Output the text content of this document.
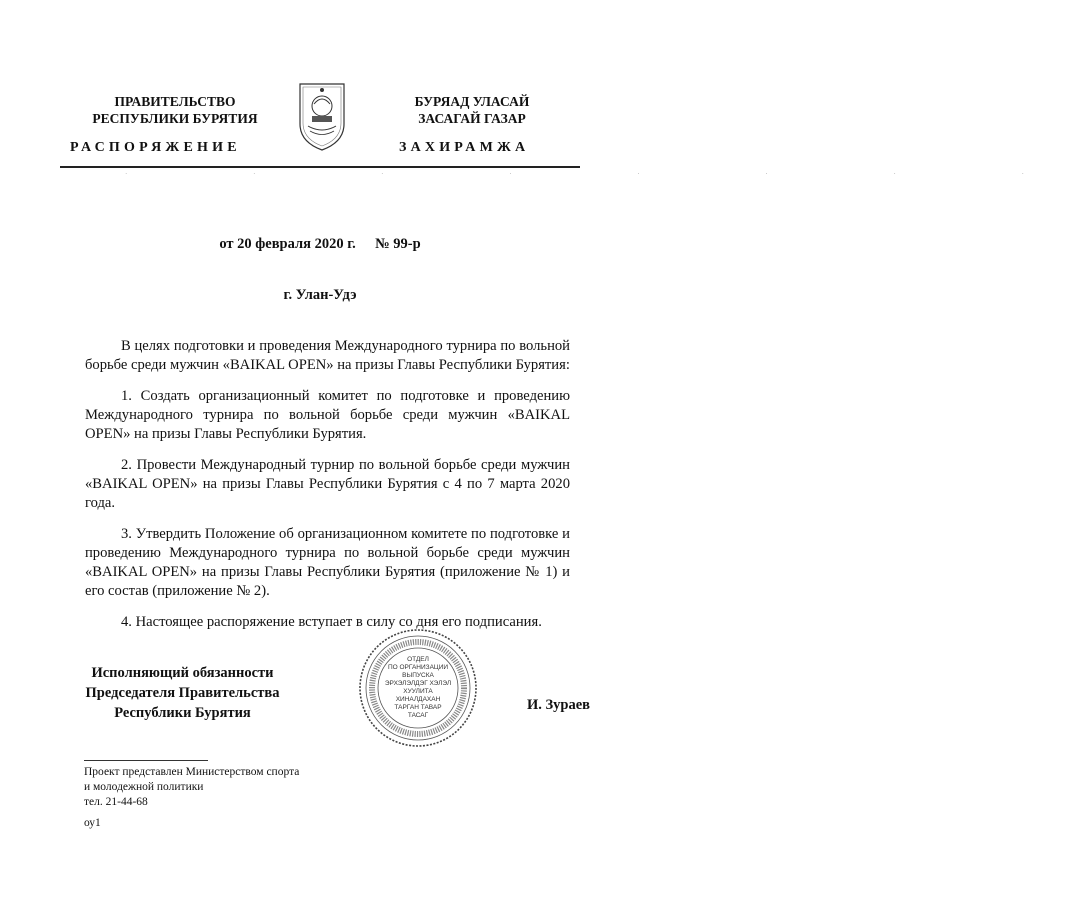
ПРАВИТЕЛЬСТВО
РЕСПУБЛИКИ БУРЯТИЯ
БУРЯАД УЛАСАЙ
ЗАСАГАЙ ГАЗАР
РАСПОРЯЖЕНИЕ	ЗАХИРАМЖА
· · · · · · · ·
от 20 февраля 2020 г. № 99-р
г. Улан-Удэ

В целях подготовки и проведения Международного турнира по вольной борьбе среди мужчин «BAIKAL OPEN» на призы Главы Республики Бурятия:

1. Создать организационный комитет по подготовке и проведению Международного турнира по вольной борьбе среди мужчин «BAIKAL OPEN» на призы Главы Республики Бурятия.

2. Провести Международный турнир по вольной борьбе среди мужчин «BAIKAL OPEN» на призы Главы Республики Бурятия с 4 по 7 марта 2020 года.

3. Утвердить Положение об организационном комитете по подготовке и проведению Международного турнира по вольной борьбе среди мужчин «BAIKAL OPEN» на призы Главы Республики Бурятия (приложение № 1) и его состав (приложение № 2).

4. Настоящее распоряжение вступает в силу со дня его подписания.

Исполняющий обязанности
Председателя Правительства
Республики Бурятия
ОТДЕЛ
ПО ОРГАНИЗАЦИИ
ВЫПУСКА
ЭРХЭЛЭЛДЭГ ХЭЛЭЛ
ХУУЛИТА
ХИНАЛДАХАН
ТАРГАН ТАВАР
ТАСАГ
И. Зураев
Проект представлен Министерством спорта
и молодежной политики
тел. 21-44-68
оу1
